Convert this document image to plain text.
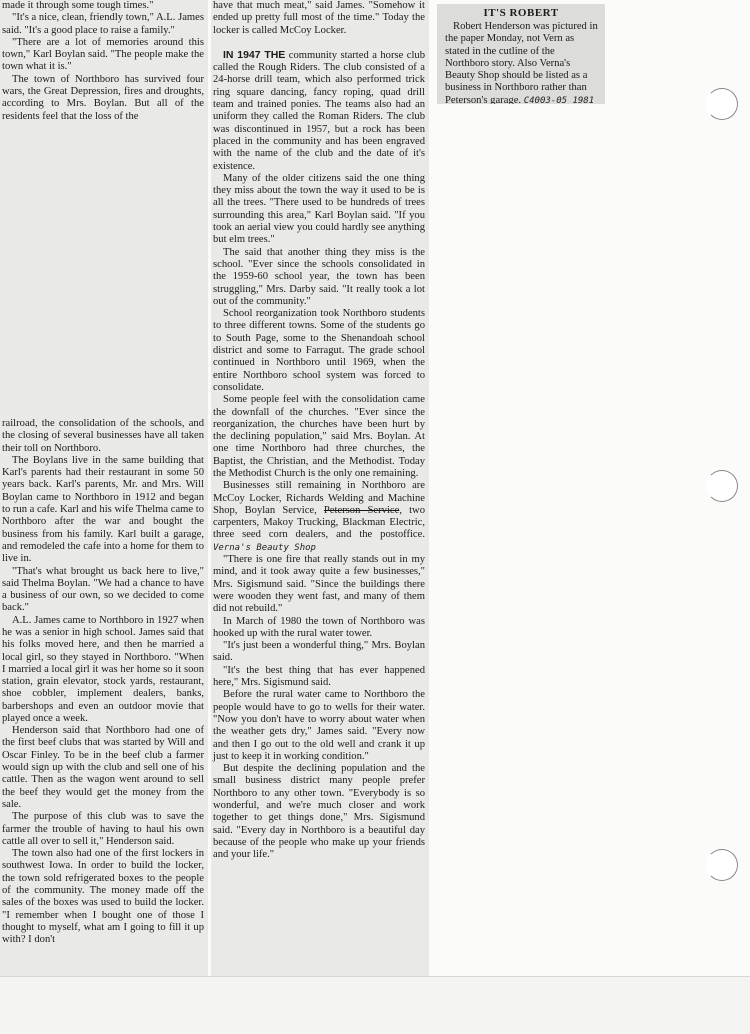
made it through some tough times."

"It's a nice, clean, friendly town," A.L. James said. "It's a good place to raise a family."

"There are a lot of memories around this town," Karl Boylan said. "The people make the town what it is."

The town of Northboro has survived four wars, the Great Depression, fires and droughts, according to Mrs. Boylan. But all of the residents feel that the loss of the

railroad, the consolidation of the schools, and the closing of several businesses have all taken their toll on Northboro.

The Boylans live in the same building that Karl's parents had their restaurant in some 50 years back. Karl's parents, Mr. and Mrs. Will Boylan came to Northboro in 1912 and began to run a cafe. Karl and his wife Thelma came to Northboro after the war and bought the business from his family. Karl built a garage, and remodeled the cafe into a home for them to live in.

"That's what brought us back here to live," said Thelma Boylan. "We had a chance to have a business of our own, so we decided to come back."

A.L. James came to Northboro in 1927 when he was a senior in high school. James said that his folks moved here, and then he married a local girl, so they stayed in Northboro. "When I married a local girl it was her home so it soon

station, grain elevator, stock yards, restaurant, shoe cobbler, implement dealers, banks, barbershops and even an outdoor movie that played once a week.

Henderson said that Northboro had one of the first beef clubs that was started by Will and Oscar Finley. To be in the beef club a farmer would sign up with the club and sell one of his cattle. Then as the wagon went around to sell the beef they would get the money from the sale.

The purpose of this club was to save the farmer the trouble of having to haul his own cattle all over to sell it," Henderson said.

The town also had one of the first lockers in southwest Iowa. In order to build the locker, the town sold refrigerated boxes to the people of the community. The money made off the sales of the boxes was used to build the locker. "I remember when I bought one of those I thought to myself, what am I going to fill it up with? I don't

have that much meat," said James. "Somehow it ended up pretty full most of the time." Today the locker is called McCoy Locker.

IN 1947 THE community started a horse club called the Rough Riders. The club consisted of a 24-horse drill team, which also performed trick ring square dancing, fancy roping, quad drill team and trained ponies. The teams also had an uniform they called the Roman Riders. The club was discontinued in 1957, but a rock has been placed in the community and has been engraved with the name of the club and the date of it's existence.

Many of the older citizens said the one thing they miss about the town the way it used to be is all the trees. "There used to be hundreds of trees surrounding this area," Karl Boylan said. "If you took an aerial view you could hardly see anything but elm trees."

The said that another thing they miss is the school. "Ever since the schools consolidated in the 1959-60 school year, the town has been struggling," Mrs. Darby said. "It really took a lot out of the community."

School reorganization took Northboro students to three different towns. Some of the students go to South Page, some to the Shenandoah school district and some to Farragut. The grade school continued in Northboro until 1969, when the entire Northboro school system was forced to consolidate.

Some people feel with the consolidation came the downfall of the churches. "Ever since the reorganization, the churches have been hurt by the declining population," said Mrs. Boylan. At one time Northboro had three churches, the Baptist, the Christian, and the Methodist. Today the Methodist Church is the only one remaining.

Businesses still remaining in Northboro are McCoy Locker, Richards Welding and Machine Shop, Boylan Service, Peterson Service, two carpenters, Makoy Trucking, Blackman Electric, three seed corn dealers, and the postoffice. Verna's Beauty Shop

"There is one fire that really stands out in my mind, and it took away quite a few businesses," Mrs. Sigismund said. "Since the buildings there were wooden they went fast, and many of them did not rebuild."

In March of 1980 the town of Northboro was hooked up with the rural water tower.

"It's just been a wonderful thing," Mrs. Boylan said.

"It's the best thing that has ever happened here," Mrs. Sigismund said.

Before the rural water came to Northboro the people would have to go to wells for their water. "Now you don't have to worry about water when the weather gets dry," James said. "Every now and then I go out to the old well and crank it up just to keep it in working condition."

But despite the declining population and the small business district many people prefer Northboro to any other town. "Everybody is so wonderful, and we're much closer and work together to get things done," Mrs. Sigismund said. "Every day in Northboro is a beautiful day because of the people who make up your friends and your life."

IT'S ROBERT

Robert Henderson was pictured in the paper Monday, not Vern as stated in the cutline of the Northboro story. Also Verna's Beauty Shop should be listed as a business in Northboro rather than Peterson's garage. C4003-05 1981
